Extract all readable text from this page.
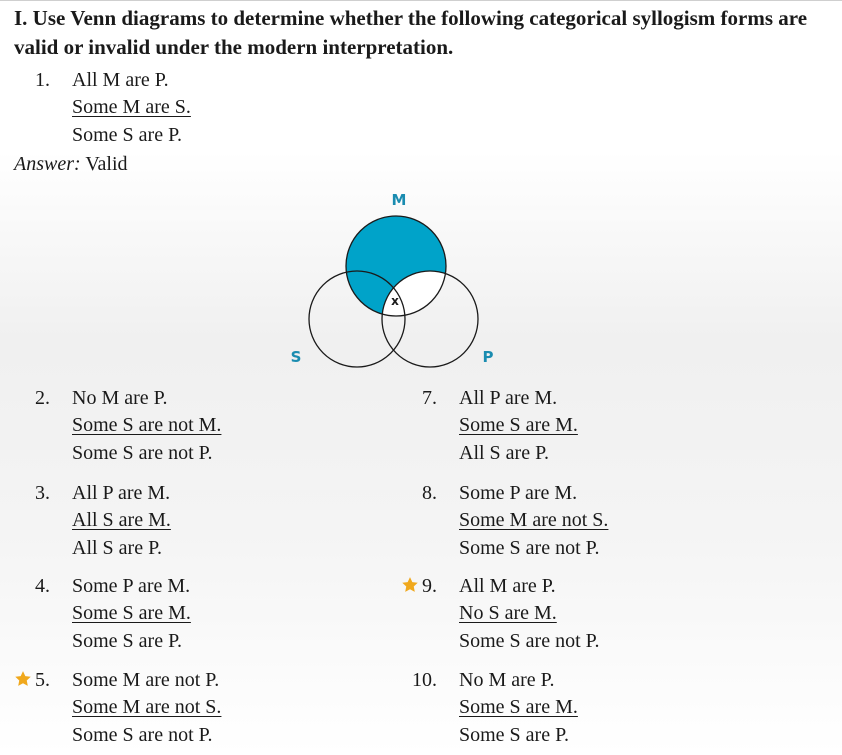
I. Use Venn diagrams to determine whether the following categorical syllogism forms are valid or invalid under the modern interpretation.
1. All M are P.
Some M are S.
Some S are P.
Answer: Valid
M
S	P
x
2. No M are P.
Some S are not M.
Some S are not P.
3. All P are M.
All S are M.
All S are P.
4. Some P are M.
Some S are M.
Some S are P.
5. Some M are not P.
Some M are not S.
Some S are not P.
7. All P are M.
Some S are M.
All S are P.
8. Some P are M.
Some M are not S.
Some S are not P.
9. All M are P.
No S are M.
Some S are not P.
10. No M are P.
Some S are M.
Some S are P.
